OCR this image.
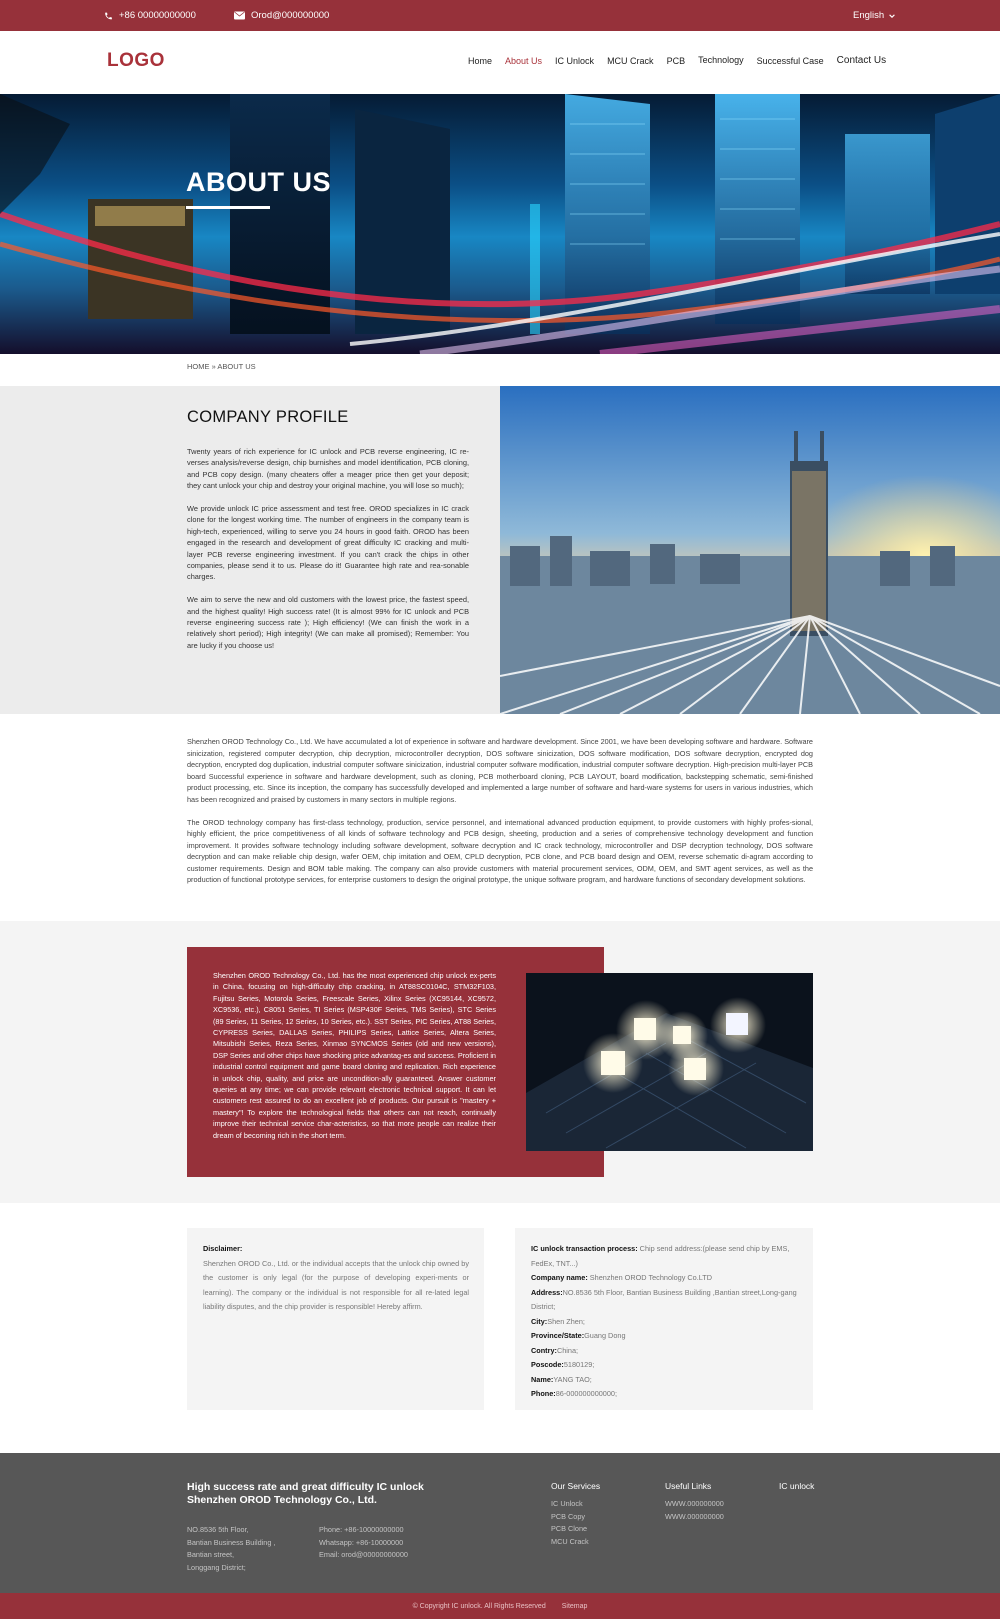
+86 00000000000	Orod@000000000	English
LOGO	Home About Us IC Unlock MCU Crack PCB Technology Successful Case Contact Us
ABOUT US
HOME » ABOUT US
COMPANY PROFILE

Twenty years of rich experience for IC unlock and PCB reverse engineering, IC re-verses analysis/reverse design, chip burnishes and model identification, PCB cloning, and PCB copy design. (many cheaters offer a meager price then get your deposit; they cant unlock your chip and destroy your original machine, you will lose so much);

We provide unlock IC price assessment and test free. OROD specializes in IC crack clone for the longest working time. The number of engineers in the company team is high-tech, experienced, willing to serve you 24 hours in good faith. OROD has been engaged in the research and development of great difficulty IC cracking and multi-layer PCB reverse engineering investment. If you can't crack the chips in other companies, please send it to us. Please do it! Guarantee high rate and rea-sonable charges.

We aim to serve the new and old customers with the lowest price, the fastest speed, and the highest quality! High success rate! (It is almost 99% for IC unlock and PCB reverse engineering success rate ); High efficiency! (We can finish the work in a relatively short period); High integrity! (We can make all promised); Remember: You are lucky if you choose us!

Shenzhen OROD Technology Co., Ltd. We have accumulated a lot of experience in software and hardware development. Since 2001, we have been developing software and hardware. Software sinicization, registered computer decryption, chip decryption, microcontroller decryption, DOS software sinicization, DOS software modification, DOS software decryption, encrypted dog decryption, encrypted dog duplication, industrial computer software sinicization, industrial computer software modification, industrial computer software decryption. High-precision multi-layer PCB board Successful experience in software and hardware development, such as cloning, PCB motherboard cloning, PCB LAYOUT, board modification, backstepping schematic, semi-finished product processing, etc. Since its inception, the company has successfully developed and implemented a large number of software and hard-ware systems for users in various industries, which has been recognized and praised by customers in many sectors in multiple regions.

The OROD technology company has first-class technology, production, service personnel, and international advanced production equipment, to provide customers with highly profes-sional, highly efficient, the price competitiveness of all kinds of software technology and PCB design, sheeting, production and a series of comprehensive technology development and function improvement. It provides software technology including software development, software decryption and IC crack technology, microcontroller and DSP decryption technology, DOS software decryption and can make reliable chip design, wafer OEM, chip imitation and OEM, CPLD decryption, PCB clone, and PCB board design and OEM, reverse schematic di-agram according to customer requirements. Design and BOM table making. The company can also provide customers with material procurement services, ODM, OEM, and SMT agent services, as well as the production of functional prototype services, for enterprise customers to design the original prototype, the unique software program, and hardware functions of secondary development solutions.

Shenzhen OROD Technology Co., Ltd. has the most experienced chip unlock ex-perts in China, focusing on high-difficulty chip cracking, in AT88SC0104C, STM32F103, Fujitsu Series, Motorola Series, Freescale Series, Xilinx Series (XC95144, XC9572, XC9536, etc.), C8051 Series, TI Series (MSP430F Series, TMS Series), STC Series (89 Series, 11 Series, 12 Series, 10 Series, etc.). SST Series, PIC Series, AT88 Series, CYPRESS Series, DALLAS Series, PHILIPS Series, Lattice Series, Altera Series, Mitsubishi Series, Reza Series, Xinmao SYNCMOS Series (old and new versions), DSP Series and other chips have shocking price advantag-es and success. Proficient in industrial control equipment and game board cloning and replication. Rich experience in unlock chip, quality, and price are uncondition-ally guaranteed. Answer customer queries at any time; we can provide relevant electronic technical support. It can let customers rest assured to do an excellent job of products. Our pursuit is "mastery + mastery"! To explore the technological fields that others can not reach, continually improve their technical service char-acteristics, so that more people can realize their dream of becoming rich in the short term.
Disclaimer:
Shenzhen OROD Co., Ltd. or the individual accepts that the unlock chip owned by the customer is only legal (for the purpose of developing experi-ments or learning). The company or the individual is not responsible for all re-lated legal liability disputes, and the chip provider is responsible! Hereby affirm.
IC unlock transaction process: Chip send address:(please send chip by EMS, FedEx, TNT...)
Company name: Shenzhen OROD Technology Co.LTD
Address:NO.8536 5th Floor, Bantian Business Building ,Bantian street,Long-gang District;
City:Shen Zhen;
Province/State:Guang Dong
Contry:China;
Poscode:5180129;
Name:YANG TAO;
Phone:86-000000000000;
High success rate and great difficulty IC unlock
Shenzhen OROD Technology Co., Ltd.
NO.8536 5th Floor,
Bantian Business Building ,
Bantian street,
Longgang District;
Phone: +86-10000000000
Whatsapp: +86-10000000
Email: orod@00000000000
Our Services
IC Unlock
PCB Copy
PCB Clone
MCU Crack
Useful Links
WWW.000000000
WWW.000000000
IC unlock
© Copyright IC unlock. All Rights Reserved Sitemap
